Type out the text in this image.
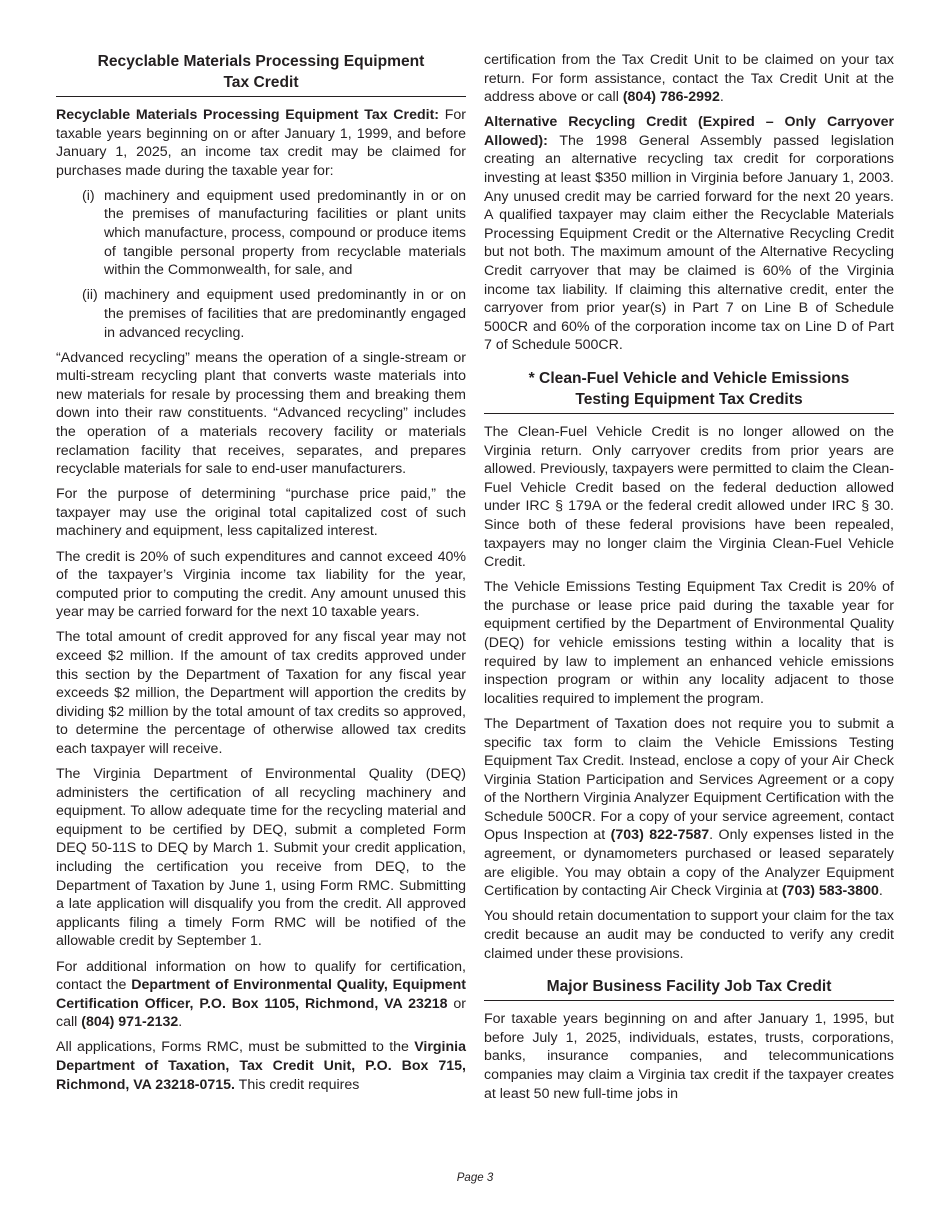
Recyclable Materials Processing Equipment
Tax Credit

Recyclable Materials Processing Equipment Tax Credit: For taxable years beginning on or after January 1, 1999, and before January 1, 2025, an income tax credit may be claimed for purchases made during the taxable year for:

(i) machinery and equipment used predominantly in or on the premises of manufacturing facilities or plant units which manufacture, process, compound or produce items of tangible personal property from recyclable materials within the Commonwealth, for sale, and
(ii) machinery and equipment used predominantly in or on the premises of facilities that are predominantly engaged in advanced recycling.

“Advanced recycling” means the operation of a single-stream or multi-stream recycling plant that converts waste materials into new materials for resale by processing them and breaking them down into their raw constituents. “Advanced recycling” includes the operation of a materials recovery facility or materials reclamation facility that receives, separates, and prepares recyclable materials for sale to end-user manufacturers.

For the purpose of determining “purchase price paid,” the taxpayer may use the original total capitalized cost of such machinery and equipment, less capitalized interest.

The credit is 20% of such expenditures and cannot exceed 40% of the taxpayer’s Virginia income tax liability for the year, computed prior to computing the credit. Any amount unused this year may be carried forward for the next 10 taxable years.

The total amount of credit approved for any fiscal year may not exceed $2 million. If the amount of tax credits approved under this section by the Department of Taxation for any fiscal year exceeds $2 million, the Department will apportion the credits by dividing $2 million by the total amount of tax credits so approved, to determine the percentage of otherwise allowed tax credits each taxpayer will receive.

The Virginia Department of Environmental Quality (DEQ) administers the certification of all recycling machinery and equipment. To allow adequate time for the recycling material and equipment to be certified by DEQ, submit a completed Form DEQ 50-11S to DEQ by March 1. Submit your credit application, including the certification you receive from DEQ, to the Department of Taxation by June 1, using Form RMC. Submitting a late application will disqualify you from the credit. All approved applicants filing a timely Form RMC will be notified of the allowable credit by September 1.

For additional information on how to qualify for certification, contact the Department of Environmental Quality, Equipment Certification Officer, P.O. Box 1105, Richmond, VA 23218 or call (804) 971-2132.

All applications, Forms RMC, must be submitted to the Virginia Department of Taxation, Tax Credit Unit, P.O. Box 715, Richmond, VA 23218-0715. This credit requires

certification from the Tax Credit Unit to be claimed on your tax return. For form assistance, contact the Tax Credit Unit at the address above or call (804) 786-2992.

Alternative Recycling Credit (Expired – Only Carryover Allowed): The 1998 General Assembly passed legislation creating an alternative recycling tax credit for corporations investing at least $350 million in Virginia before January 1, 2003. Any unused credit may be carried forward for the next 20 years. A qualified taxpayer may claim either the Recyclable Materials Processing Equipment Credit or the Alternative Recycling Credit but not both. The maximum amount of the Alternative Recycling Credit carryover that may be claimed is 60% of the Virginia income tax liability. If claiming this alternative credit, enter the carryover from prior year(s) in Part 7 on Line B of Schedule 500CR and 60% of the corporation income tax on Line D of Part 7 of Schedule 500CR.

* Clean-Fuel Vehicle and Vehicle Emissions
Testing Equipment Tax Credits

The Clean-Fuel Vehicle Credit is no longer allowed on the Virginia return. Only carryover credits from prior years are allowed. Previously, taxpayers were permitted to claim the Clean-Fuel Vehicle Credit based on the federal deduction allowed under IRC § 179A or the federal credit allowed under IRC § 30. Since both of these federal provisions have been repealed, taxpayers may no longer claim the Virginia Clean-Fuel Vehicle Credit.

The Vehicle Emissions Testing Equipment Tax Credit is 20% of the purchase or lease price paid during the taxable year for equipment certified by the Department of Environmental Quality (DEQ) for vehicle emissions testing within a locality that is required by law to implement an enhanced vehicle emissions inspection program or within any locality adjacent to those localities required to implement the program.

The Department of Taxation does not require you to submit a specific tax form to claim the Vehicle Emissions Testing Equipment Tax Credit. Instead, enclose a copy of your Air Check Virginia Station Participation and Services Agreement or a copy of the Northern Virginia Analyzer Equipment Certification with the Schedule 500CR. For a copy of your service agreement, contact Opus Inspection at (703) 822-7587. Only expenses listed in the agreement, or dynamometers purchased or leased separately are eligible. You may obtain a copy of the Analyzer Equipment Certification by contacting Air Check Virginia at (703) 583-3800.

You should retain documentation to support your claim for the tax credit because an audit may be conducted to verify any credit claimed under these provisions.

Major Business Facility Job Tax Credit

For taxable years beginning on and after January 1, 1995, but before July 1, 2025, individuals, estates, trusts, corporations, banks, insurance companies, and telecommunications companies may claim a Virginia tax credit if the taxpayer creates at least 50 new full-time jobs in

Page 3
